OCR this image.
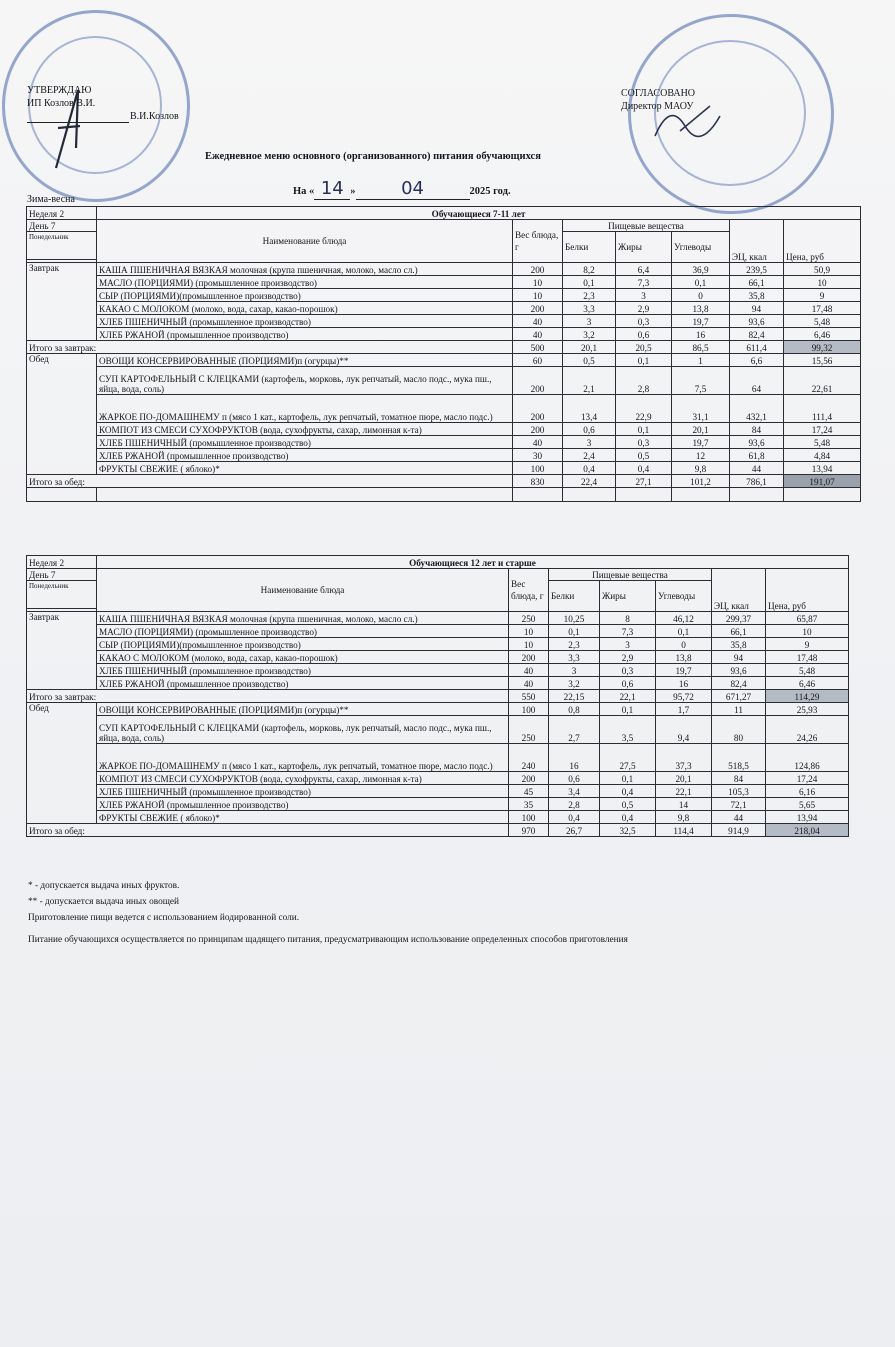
УТВЕРЖДАЮ
ИП Козлов В.И.
В.И.Козлов
СОГЛАСОВАНО
Директор МАОУ
Ежедневное меню основного (организованного) питания обучающихся
На « 14 »	04	2025 год.
Зима-весна
Неделя 2	Обучающиеся 7-11 лет						
День 7	Наименование блюда	Вес блюда, г	Пищевые вещества			ЭЦ, ккал	Цена, руб
Понедельник			Белки	Жиры	Углеводы		

Завтрак	КАША ПШЕНИЧНАЯ ВЯЗКАЯ молочная (крупа пшеничная, молоко, масло сл.)	200	8,2	6,4	36,9	239,5	50,9
	МАСЛО (ПОРЦИЯМИ) (промышленное производство)	10	0,1	7,3	0,1	66,1	10
	СЫР (ПОРЦИЯМИ)(промышленное производство)	10	2,3	3	0	35,8	9
	КАКАО С МОЛОКОМ (молоко, вода, сахар, какао-порошок)	200	3,3	2,9	13,8	94	17,48
	ХЛЕБ ПШЕНИЧНЫЙ (промышленное производство)	40	3	0,3	19,7	93,6	5,48
	ХЛЕБ РЖАНОЙ (промышленное производство)	40	3,2	0,6	16	82,4	6,46
Итого за завтрак:		500	20,1	20,5	86,5	611,4	99,32
Обед	ОВОЩИ КОНСЕРВИРОВАННЫЕ (ПОРЦИЯМИ)п (огурцы)**	60	0,5	0,1	1	6,6	15,56
	СУП КАРТОФЕЛЬНЫЙ С КЛЕЦКАМИ (картофель, морковь, лук репчатый, масло подс., мука пш., яйца, вода, соль)	200	2,1	2,8	7,5	64	22,61
	ЖАРКОЕ ПО-ДОМАШНЕМУ п (мясо 1 кат., картофель, лук репчатый, томатное пюре, масло подс.)	200	13,4	22,9	31,1	432,1	111,4
	КОМПОТ ИЗ СМЕСИ СУХОФРУКТОВ (вода, сухофрукты, сахар, лимонная к-та)	200	0,6	0,1	20,1	84	17,24
	ХЛЕБ ПШЕНИЧНЫЙ (промышленное производство)	40	3	0,3	19,7	93,6	5,48
	ХЛЕБ РЖАНОЙ (промышленное производство)	30	2,4	0,5	12	61,8	4,84
	ФРУКТЫ СВЕЖИЕ ( яблоко)*	100	0,4	0,4	9,8	44	13,94
Итого за обед:		830	22,4	27,1	101,2	786,1	191,07

Неделя 2	Обучающиеся 12 лет и старше						
День 7	Наименование блюда	Вес блюда, г	Пищевые вещества			ЭЦ, ккал	Цена, руб
Понедельник			Белки	Жиры	Углеводы		

Завтрак	КАША ПШЕНИЧНАЯ ВЯЗКАЯ молочная (крупа пшеничная, молоко, масло сл.)	250	10,25	8	46,12	299,37	65,87
	МАСЛО (ПОРЦИЯМИ) (промышленное производство)	10	0,1	7,3	0,1	66,1	10
	СЫР (ПОРЦИЯМИ)(промышленное производство)	10	2,3	3	0	35,8	9
	КАКАО С МОЛОКОМ (молоко, вода, сахар, какао-порошок)	200	3,3	2,9	13,8	94	17,48
	ХЛЕБ ПШЕНИЧНЫЙ (промышленное производство)	40	3	0,3	19,7	93,6	5,48
	ХЛЕБ РЖАНОЙ (промышленное производство)	40	3,2	0,6	16	82,4	6,46
Итого за завтрак:		550	22,15	22,1	95,72	671,27	114,29
Обед	ОВОЩИ КОНСЕРВИРОВАННЫЕ (ПОРЦИЯМИ)п (огурцы)**	100	0,8	0,1	1,7	11	25,93
	СУП КАРТОФЕЛЬНЫЙ С КЛЕЦКАМИ (картофель, морковь, лук репчатый, масло подс., мука пш., яйца, вода, соль)	250	2,7	3,5	9,4	80	24,26
	ЖАРКОЕ ПО-ДОМАШНЕМУ п (мясо 1 кат., картофель, лук репчатый, томатное пюре, масло подс.)	240	16	27,5	37,3	518,5	124,86
	КОМПОТ ИЗ СМЕСИ СУХОФРУКТОВ (вода, сухофрукты, сахар, лимонная к-та)	200	0,6	0,1	20,1	84	17,24
	ХЛЕБ ПШЕНИЧНЫЙ (промышленное производство)	45	3,4	0,4	22,1	105,3	6,16
	ХЛЕБ РЖАНОЙ (промышленное производство)	35	2,8	0,5	14	72,1	5,65
	ФРУКТЫ СВЕЖИЕ ( яблоко)*	100	0,4	0,4	9,8	44	13,94
Итого за обед:		970	26,7	32,5	114,4	914,9	218,04
* - допускается выдача иных фруктов.
** - допускается выдача иных овощей
Приготовление пищи ведется с использованием йодированной соли.
Питание обучающихся осуществляется по принципам щадящего питания, предусматривающим использование определенных способов приготовления
